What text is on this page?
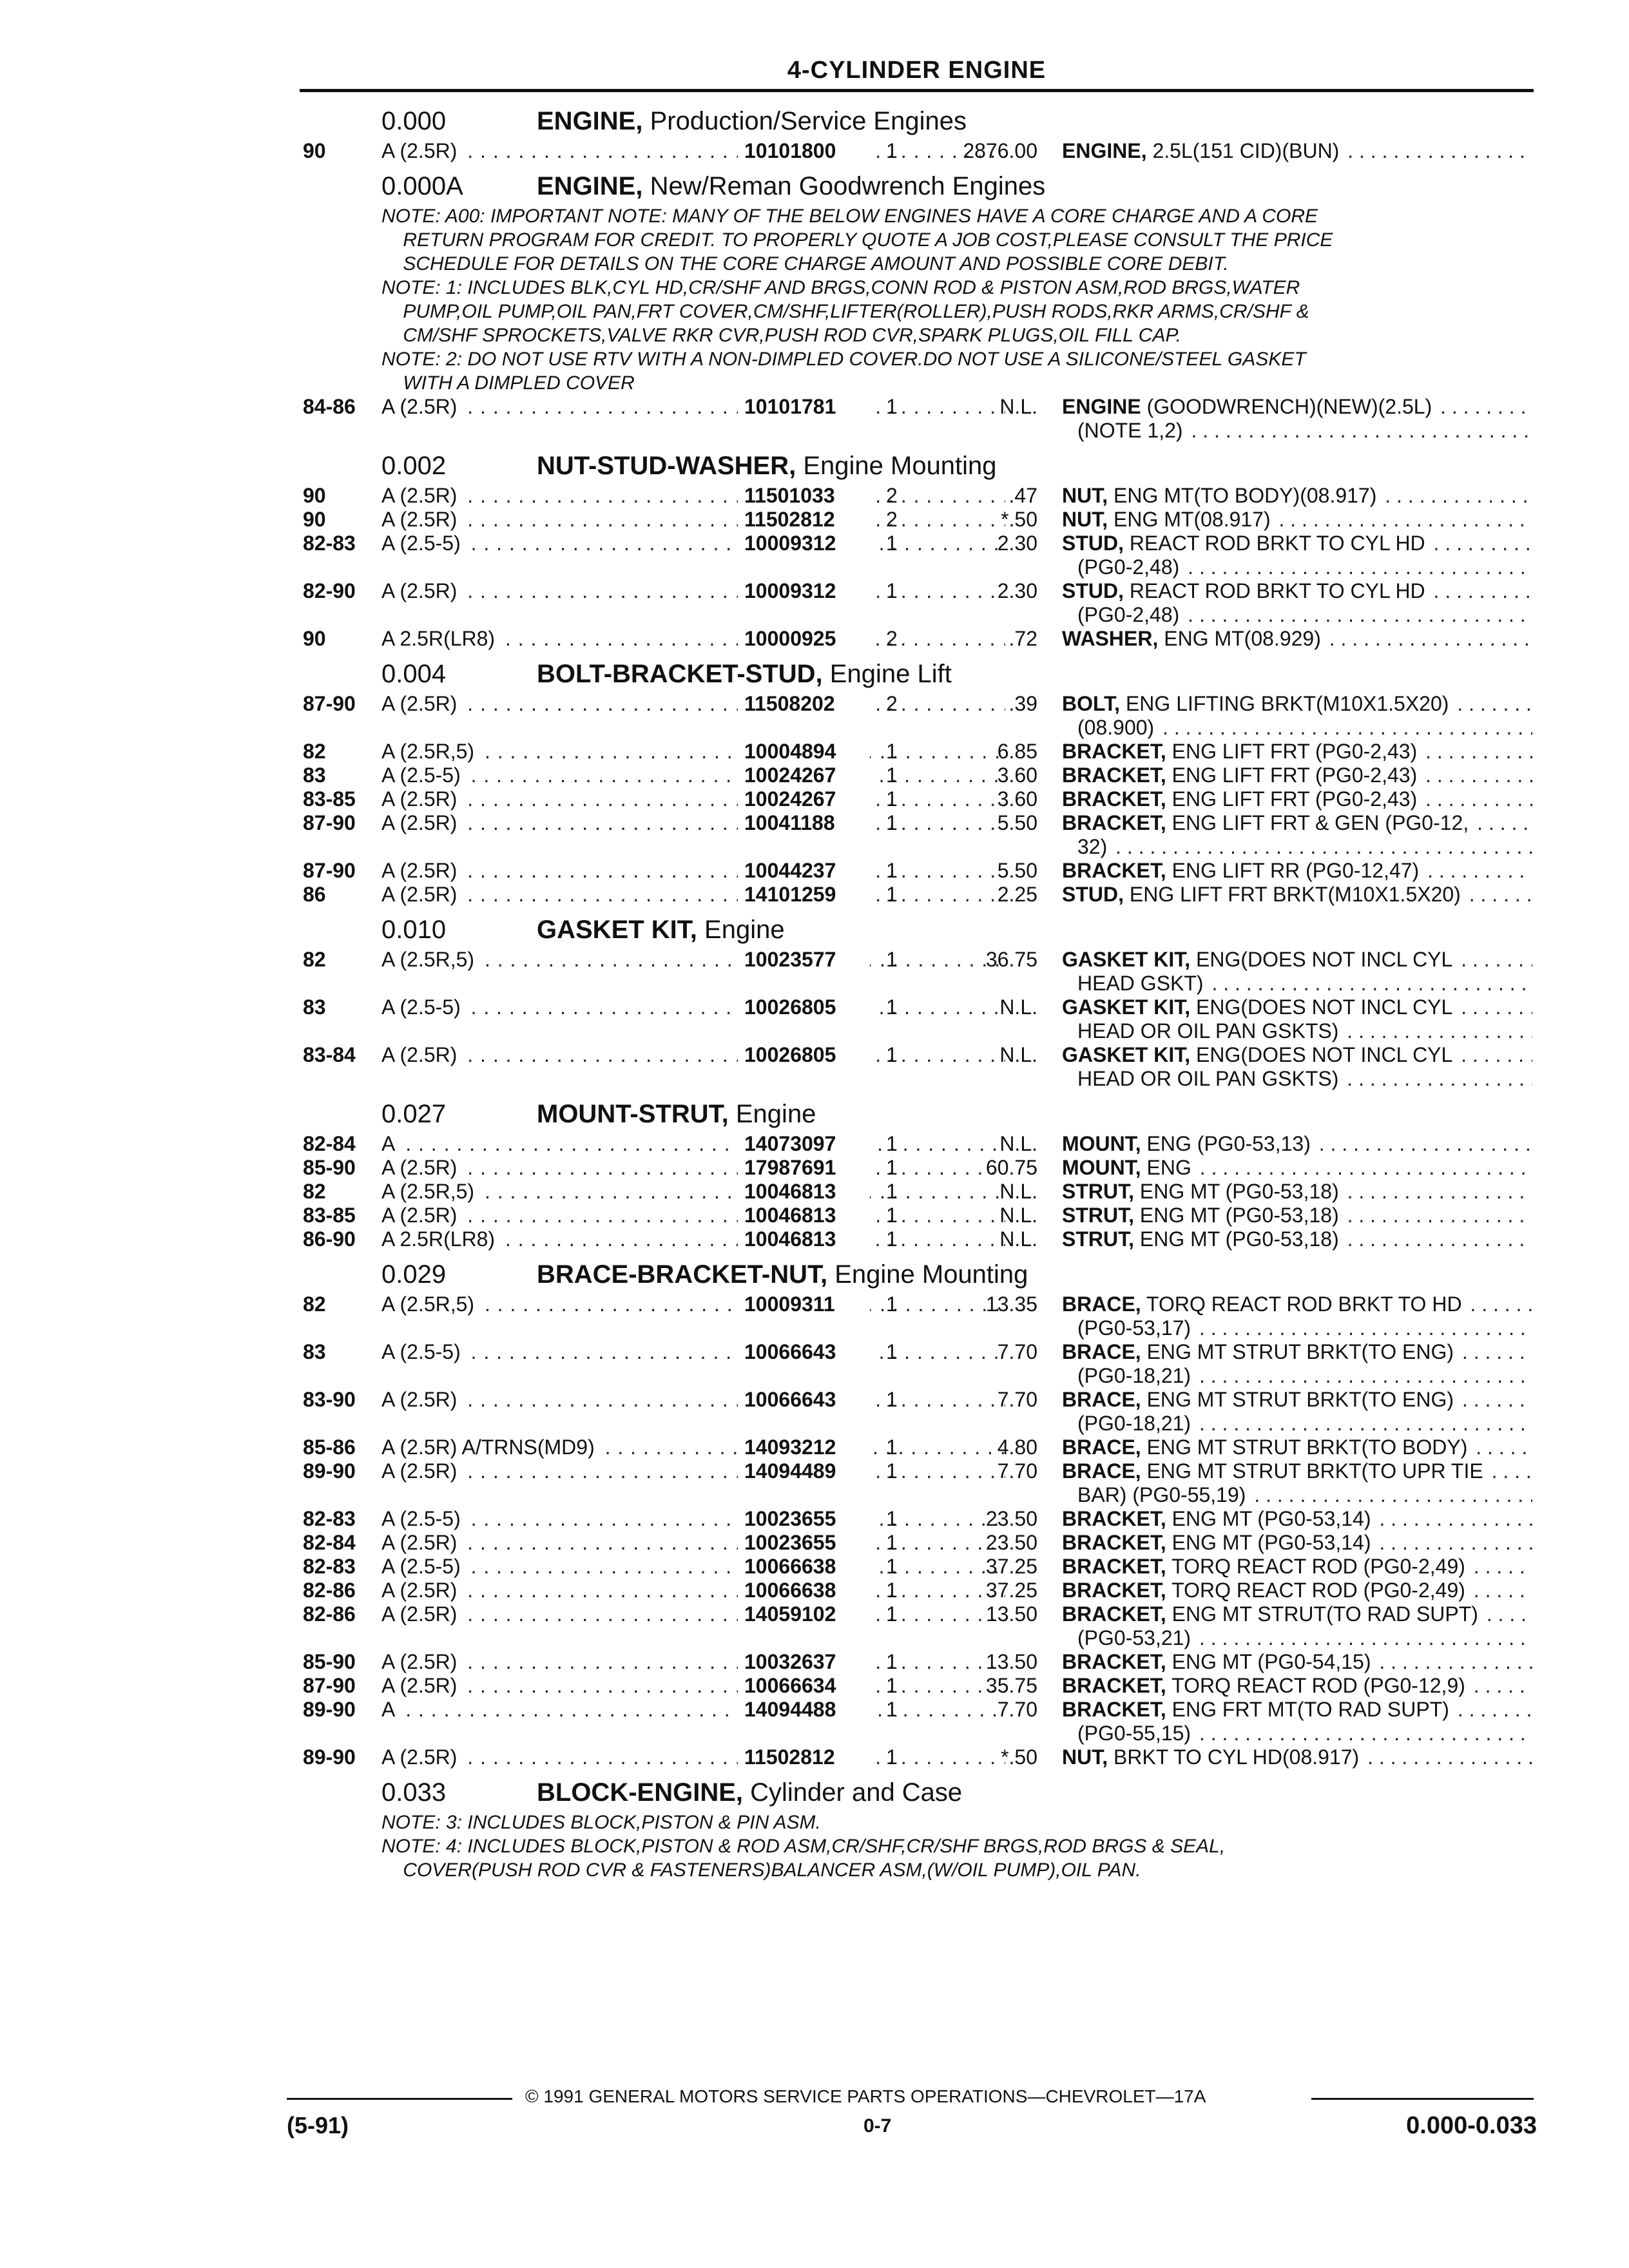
4-CYLINDER ENGINE
0.000	ENGINE, Production/Service Engines
90	A (2.5R) . . .	10101800	1	2876.00 ENGINE, 2.5L(151 CID)(BUN) . . .
0.000A	ENGINE, New/Reman Goodwrench Engines
NOTE: A00: IMPORTANT NOTE: MANY OF THE BELOW ENGINES HAVE A CORE CHARGE AND A CORE
RETURN PROGRAM FOR CREDIT. TO PROPERLY QUOTE A JOB COST,PLEASE CONSULT THE PRICE
SCHEDULE FOR DETAILS ON THE CORE CHARGE AMOUNT AND POSSIBLE CORE DEBIT.
NOTE: 1: INCLUDES BLK,CYL HD,CR/SHF AND BRGS,CONN ROD & PISTON ASM,ROD BRGS,WATER
PUMP,OIL PUMP,OIL PAN,FRT COVER,CM/SHF,LIFTER(ROLLER),PUSH RODS,RKR ARMS,CR/SHF &
CM/SHF SPROCKETS,VALVE RKR CVR,PUSH ROD CVR,SPARK PLUGS,OIL FILL CAP.
NOTE: 2: DO NOT USE RTV WITH A NON-DIMPLED COVER.DO NOT USE A SILICONE/STEEL GASKET
WITH A DIMPLED COVER
84-86	A (2.5R) . . .	10101781	1	N.L. ENGINE (GOODWRENCH)(NEW)(2.5L) . . .
(NOTE 1,2) . . .
0.002	NUT-STUD-WASHER, Engine Mounting
90	A (2.5R) . . .	11501033	2	.47 NUT, ENG MT(TO BODY)(08.917) . . .
90	A (2.5R) . . .	11502812	2	*.50 NUT, ENG MT(08.917) . . .
82-83	A (2.5-5) . . .	10009312	1	2.30 STUD, REACT ROD BRKT TO CYL HD . . .
(PG0-2,48) . . .
82-90	A (2.5R) . . .	10009312	1	2.30 STUD, REACT ROD BRKT TO CYL HD . . .
(PG0-2,48) . . .
90	A 2.5R(LR8) . . .	10000925	2	.72 WASHER, ENG MT(08.929) . . .
0.004	BOLT-BRACKET-STUD, Engine Lift
87-90	A (2.5R) . . .	11508202	2	.39 BOLT, ENG LIFTING BRKT(M10X1.5X20) . . .
(08.900) . . .
82	A (2.5R,5) . . .	10004894	1	6.85 BRACKET, ENG LIFT FRT (PG0-2,43) . . .
83	A (2.5-5) . . .	10024267	1	3.60 BRACKET, ENG LIFT FRT (PG0-2,43) . . .
83-85	A (2.5R) . . .	10024267	1	3.60 BRACKET, ENG LIFT FRT (PG0-2,43) . . .
87-90	A (2.5R) . . .	10041188	1	5.50 BRACKET, ENG LIFT FRT & GEN (PG0-12, . . .
32) . . .
87-90	A (2.5R) . . .	10044237	1	5.50 BRACKET, ENG LIFT RR (PG0-12,47) . . .
86	A (2.5R) . . .	14101259	1	2.25 STUD, ENG LIFT FRT BRKT(M10X1.5X20) . . .
0.010	GASKET KIT, Engine
82	A (2.5R,5) . . .	10023577	1	36.75 GASKET KIT, ENG(DOES NOT INCL CYL . . .
HEAD GSKT) . . .
83	A (2.5-5) . . .	10026805	1	N.L. GASKET KIT, ENG(DOES NOT INCL CYL . . .
HEAD OR OIL PAN GSKTS) . . .
83-84	A (2.5R) . . .	10026805	1	N.L. GASKET KIT, ENG(DOES NOT INCL CYL . . .
HEAD OR OIL PAN GSKTS) . . .
0.027	MOUNT-STRUT, Engine
82-84	A . . .	14073097	1	N.L. MOUNT, ENG (PG0-53,13) . . .
85-90	A (2.5R) . . .	17987691	1	60.75 MOUNT, ENG . . .
82	A (2.5R,5) . . .	10046813	1	N.L. STRUT, ENG MT (PG0-53,18) . . .
83-85	A (2.5R) . . .	10046813	1	N.L. STRUT, ENG MT (PG0-53,18) . . .
86-90	A 2.5R(LR8) . . .	10046813	1	N.L. STRUT, ENG MT (PG0-53,18) . . .
0.029	BRACE-BRACKET-NUT, Engine Mounting
82	A (2.5R,5) . . .	10009311	1	13.35 BRACE, TORQ REACT ROD BRKT TO HD . . .
(PG0-53,17) . . .
83	A (2.5-5) . . .	10066643	1	7.70 BRACE, ENG MT STRUT BRKT(TO ENG) . . .
(PG0-18,21) . . .
83-90	A (2.5R) . . .	10066643	1	7.70 BRACE, ENG MT STRUT BRKT(TO ENG) . . .
(PG0-18,21) . . .
85-86	A (2.5R) A/TRNS(MD9) . . .	14093212	1	4.80 BRACE, ENG MT STRUT BRKT(TO BODY) . . .
89-90	A (2.5R) . . .	14094489	1	7.70 BRACE, ENG MT STRUT BRKT(TO UPR TIE . . .
BAR) (PG0-55,19) . . .
82-83	A (2.5-5) . . .	10023655	1	23.50 BRACKET, ENG MT (PG0-53,14) . . .
82-84	A (2.5R) . . .	10023655	1	23.50 BRACKET, ENG MT (PG0-53,14) . . .
82-83	A (2.5-5) . . .	10066638	1	37.25 BRACKET, TORQ REACT ROD (PG0-2,49) . . .
82-86	A (2.5R) . . .	10066638	1	37.25 BRACKET, TORQ REACT ROD (PG0-2,49) . . .
82-86	A (2.5R) . . .	14059102	1	13.50 BRACKET, ENG MT STRUT(TO RAD SUPT) . . .
(PG0-53,21) . . .
85-90	A (2.5R) . . .	10032637	1	13.50 BRACKET, ENG MT (PG0-54,15) . . .
87-90	A (2.5R) . . .	10066634	1	35.75 BRACKET, TORQ REACT ROD (PG0-12,9) . . .
89-90	A . . .	14094488	1	7.70 BRACKET, ENG FRT MT(TO RAD SUPT) . . .
(PG0-55,15) . . .
89-90	A (2.5R) . . .	11502812	1	*.50 NUT, BRKT TO CYL HD(08.917) . . .
0.033	BLOCK-ENGINE, Cylinder and Case
NOTE: 3: INCLUDES BLOCK,PISTON & PIN ASM.
NOTE: 4: INCLUDES BLOCK,PISTON & ROD ASM,CR/SHF,CR/SHF BRGS,ROD BRGS & SEAL,
COVER(PUSH ROD CVR & FASTENERS)BALANCER ASM,(W/OIL PUMP),OIL PAN.
© 1991 GENERAL MOTORS SERVICE PARTS OPERATIONS—CHEVROLET—17A
(5-91)	0-7	0.000-0.033
